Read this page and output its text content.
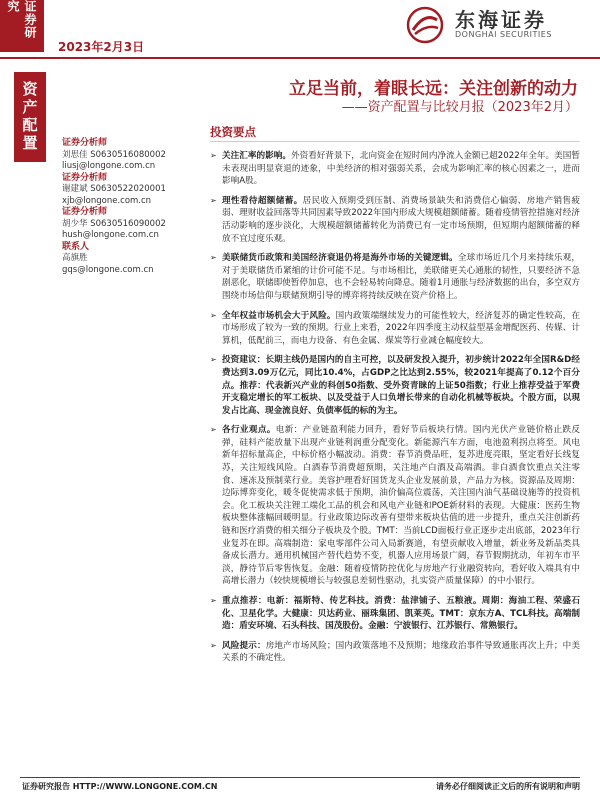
证券研究
2023年2月3日
东海证券
DONGHAI SECURITIES
资产配置	立足当前，着眼长远：关注创新的动力
——资产配置与比较月报（2023年2月）
证券分析师
刘思佳 S0630516080002
liusj@longone.com.cn
证券分析师
谢建斌 S0630522020001
xjb@longone.com.cn
证券分析师
胡少华 S0630516090002
hush@longone.com.cn
联系人
高旗胜
gqs@longone.com.cn
投资要点
➢ 关注汇率的影响。外资看好背景下，北向资金在短时间内净流入金额已超2022年全年。美国暂未表现出明显衰退的迹象，中美经济的相对强弱关系，会成为影响汇率的核心因素之一，进而影响A股。
➢ 理性看待超额储蓄。居民收入预期受到压制、消费场景缺失和消费信心偏弱、房地产销售疲弱、理财收益回落等共同因素导致2022年国内形成大规模超额储蓄。随着疫情管控措施对经济活动影响的逐步淡化，大规模超额储蓄转化为消费已有一定市场预期，但短期内超额储蓄的释放不宜过度乐观。
➢ 美联储货币政策和美国经济衰退仍将是海外市场的关键逻辑。全球市场近几个月来持续乐观，对于美联储货币紧缩的计价可能不足。与市场相比，美联储更关心通胀的韧性，只要经济不急剧恶化，联储即使暂停加息，也不会轻易转向降息。随着1月通胀与经济数据的出台，多空双方围绕市场信仰与联储预期引导的博弈将持续反映在资产价格上。
➢ 全年权益市场机会大于风险。国内政策端继续发力的可能性较大，经济复苏的确定性较高，在市场形成了较为一致的预期。行业上来看，2022年四季度主动权益型基金增配医药、传媒、计算机，低配前三，而电力设备、有色金属、煤炭等行业减仓幅度较大。
➢ 投资建议：长期主线仍是国内的自主可控，以及研发投入提升，初步统计2022年全国R&D经费达到3.09万亿元，同比10.4%，占GDP之比达到2.55%，较2021年提高了0.12个百分点。推荐：代表新兴产业的科创50指数、受外资青睐的上证50指数；行业上推荐受益于军费开支稳定增长的军工板块、以及受益于人口负增长带来的自动化机械等板块。个股方面，以現发占比高、现金流良好、负债率低的标的为主。
➢ 各行业观点。电新：产业链盈利能力回升，看好节后板块行情。国内光伏产业链价格止跌反弹，硅料产能放量下出现产业链利润重分配变化。新能源汽车方面，电池盈利拐点将至。风电新年招标量高企，中标价格小幅波动。消费：春节消费品旺，复苏进度亮眼，坚定看好长线复苏，关注短线风险。白酒春节消费超预期，关注地产白酒及高端酒。非白酒食饮重点关注零食、速冻及预制菜行业。美容护理看好国货龙头企业发展前景，产品力为核。资源品及周期：边际博弈变化，暖冬促使需求低于预期，油价偏高位震荡，关注国内油气基础设施等的投资机会。化工板块关注锂工端化工品的机会和风电产业链和POE新材料的表现。大健康：医药生物板块整体涨幅回暖明显。行业政策边际改善有望带来板块估值的进一步提升，重点关注创新药链和医疗消费的相关细分子板块及个股。TMT：当前LCD面板行业正逐步走出底部，2023年行业复苏在即。高端制造：家电零部件公司入局新赛道，有望贡献收入增量，新业务及新品类具备成长潜力。通用机械国产替代趋势不变，机器人应用场景广阔，春节假期扰动，年初车市平淡，静待节后零售恢复。金融：随着疫情防控优化与房地产行业融资转向，看好收入端具有中高增长潜力（较快规模增长与较强息差韧性驱动，扎实资产质量保障）的中小银行。
➢ 重点推荐：电新：福斯特、传艺科技。消费：盐津铺子、五粮液。周期：海油工程、荣盛石化、卫星化学。大健康：贝达药业、丽珠集团、凯莱英。TMT：京东方A、TCL科技。高端制造：盾安环境、石头科技、国茂股份。金融：宁波银行、江苏银行、常熟银行。
➢ 风险提示：房地产市场风险；国内政策落地不及预期；地缘政治事件导致通胀再次上升；中美关系的不确定性。
证券研究报告 HTTP://WWW.LONGONE.COM.CN	请务必仔细阅读正文后的所有说明和声明
